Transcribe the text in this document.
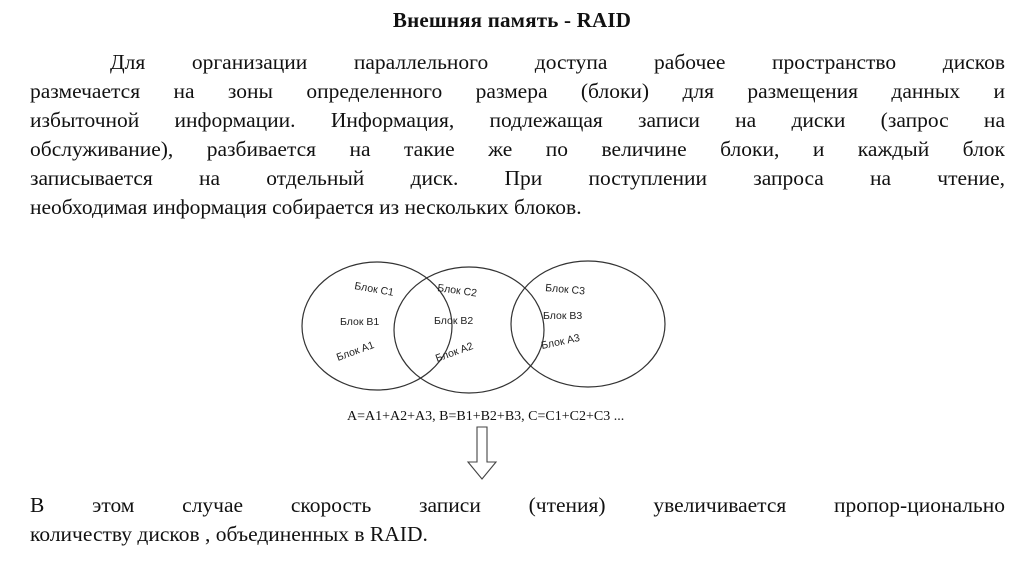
Внешняя память - RAID
Для организации параллельного доступа рабочее пространство дисков
размечается на зоны определенного размера (блоки) для размещения данных и
избыточной информации. Информация, подлежащая записи на диски (запрос на
обслуживание), разбивается на такие же по величине блоки, и каждый блок
записывается на отдельный диск. При поступлении запроса на чтение,
необходимая информация собирается из нескольких блоков.
Блок C1
Блок B1
Блок A1
Блок C2
Блок B2
Блок A2
Блок C3
Блок B3
Блок A3
A=A1+A2+A3, B=B1+B2+B3, C=C1+C2+C3 ...
В этом случае скорость записи (чтения) увеличивается пропор-ционально
количеству дисков , объединенных в RAID.
